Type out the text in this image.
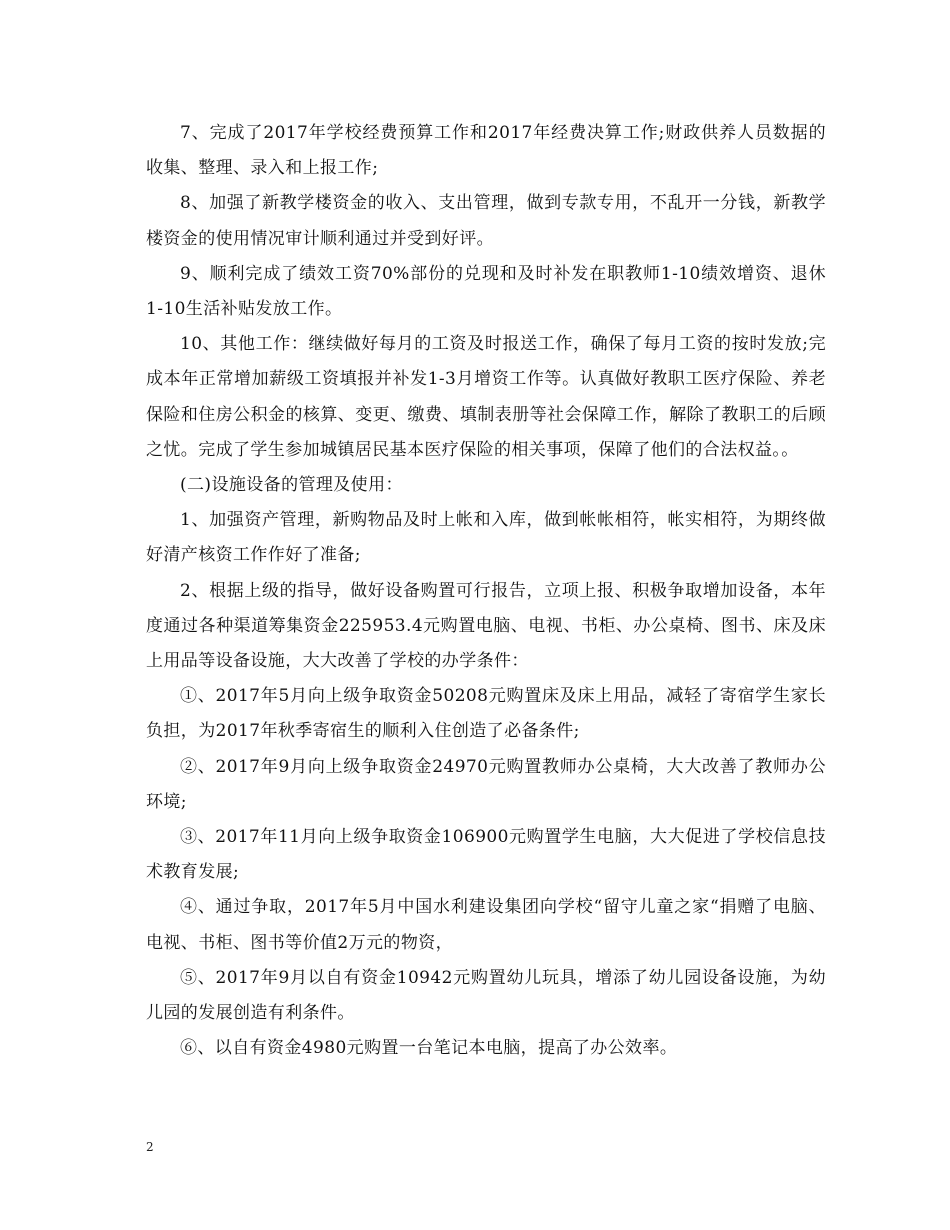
7、完成了2017年学校经费预算工作和2017年经费决算工作;财政供养人员数据的收集、整理、录入和上报工作;

8、加强了新教学楼资金的收入、支出管理，做到专款专用，不乱开一分钱，新教学楼资金的使用情况审计顺利通过并受到好评。

9、顺利完成了绩效工资70%部份的兑现和及时补发在职教师1-10绩效增资、退休1-10生活补贴发放工作。

10、其他工作：继续做好每月的工资及时报送工作，确保了每月工资的按时发放;完成本年正常增加薪级工资填报并补发1-3月增资工作等。认真做好教职工医疗保险、养老保险和住房公积金的核算、变更、缴费、填制表册等社会保障工作，解除了教职工的后顾之忧。完成了学生参加城镇居民基本医疗保险的相关事项，保障了他们的合法权益。。

(二)设施设备的管理及使用：

1、加强资产管理，新购物品及时上帐和入库，做到帐帐相符，帐实相符，为期终做好清产核资工作作好了准备;

2、根据上级的指导，做好设备购置可行报告，立项上报、积极争取增加设备，本年度通过各种渠道筹集资金225953.4元购置电脑、电视、书柜、办公桌椅、图书、床及床上用品等设备设施，大大改善了学校的办学条件：

①、2017年5月向上级争取资金50208元购置床及床上用品，减轻了寄宿学生家长负担，为2017年秋季寄宿生的顺利入住创造了必备条件;

②、2017年9月向上级争取资金24970元购置教师办公桌椅，大大改善了教师办公环境;

③、2017年11月向上级争取资金106900元购置学生电脑，大大促进了学校信息技术教育发展;

④、通过争取，2017年5月中国水利建设集团向学校“留守儿童之家“捐赠了电脑、电视、书柜、图书等价值2万元的物资，

⑤、2017年9月以自有资金10942元购置幼儿玩具，增添了幼儿园设备设施，为幼儿园的发展创造有利条件。

⑥、以自有资金4980元购置一台笔记本电脑，提高了办公效率。

2
